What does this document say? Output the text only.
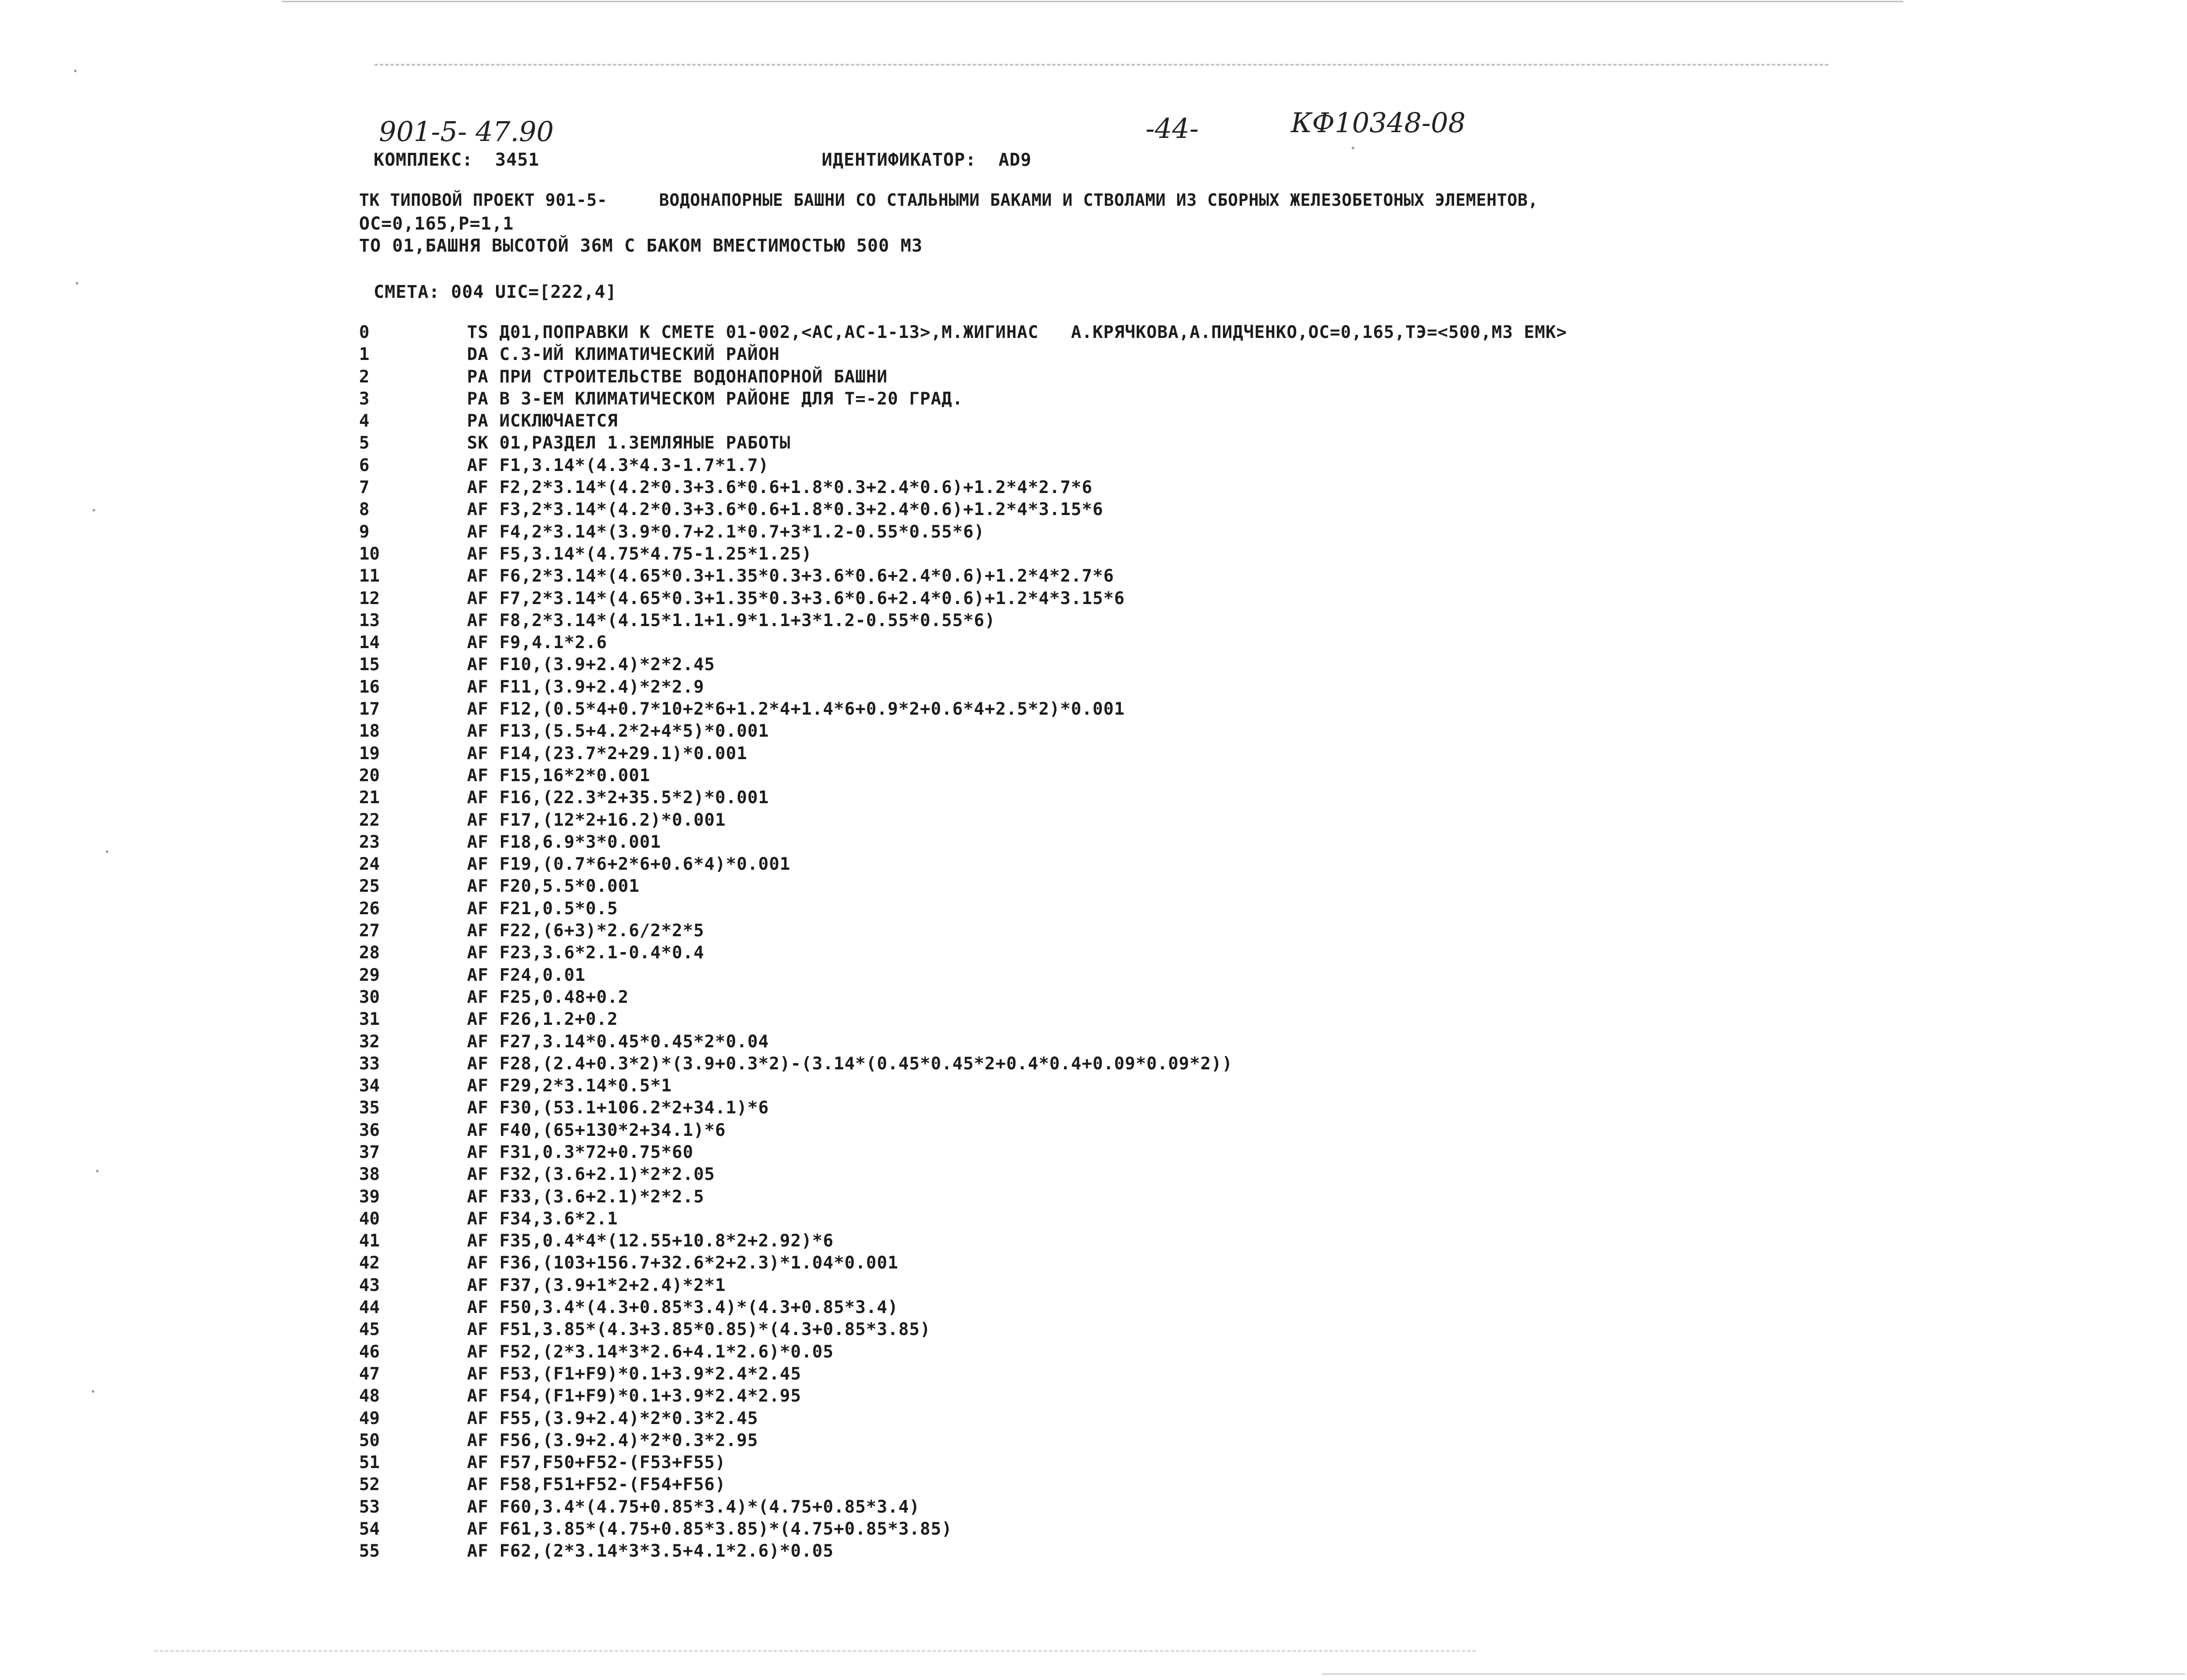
901-5- 47.90	-44-	КФ10348-08
КОМПЛЕКС:  3451	ИДЕНТИФИКАТОР:  AD9
TK ТИПОВОЙ ПРОЕКТ 901-5-     ВОДОНАПОРНЫЕ БАШНИ СО СТАЛЬНЫМИ БАКАМИ И СТВОЛАМИ ИЗ СБОРНЫХ ЖЕЛЕЗОБЕТОНЫХ ЭЛЕМЕНТОВ,
OC=0,165,P=1,1
TO 01,БАШНЯ ВЫСОТОЙ 36М С БАКОМ ВМЕСТИМОСТЬЮ 500 М3
СМЕТА: 004 UIC=[222,4]
0	TS Д01,ПОПРАВКИ К СМЕТЕ 01-002,<AC,AC-1-13>,М.ЖИГИНАС   А.КРЯЧКОВА,А.ПИДЧЕНКО,OC=0,165,ТЭ=<500,М3 ЕМК>
1	DA С.3-ИЙ КЛИМАТИЧЕСКИЙ РАЙОН
2	PA ПРИ СТРОИТЕЛЬСТВЕ ВОДОНАПОРНОЙ БАШНИ
3	PA В 3-ЕМ КЛИМАТИЧЕСКОМ РАЙОНЕ ДЛЯ Т=-20 ГРАД.
4	PA ИСКЛЮЧАЕТСЯ
5	SK 01,РАЗДЕЛ 1.ЗЕМЛЯНЫЕ РАБОТЫ
6	AF F1,3.14*(4.3*4.3-1.7*1.7)
7	AF F2,2*3.14*(4.2*0.3+3.6*0.6+1.8*0.3+2.4*0.6)+1.2*4*2.7*6
8	AF F3,2*3.14*(4.2*0.3+3.6*0.6+1.8*0.3+2.4*0.6)+1.2*4*3.15*6
9	AF F4,2*3.14*(3.9*0.7+2.1*0.7+3*1.2-0.55*0.55*6)
10	AF F5,3.14*(4.75*4.75-1.25*1.25)
11	AF F6,2*3.14*(4.65*0.3+1.35*0.3+3.6*0.6+2.4*0.6)+1.2*4*2.7*6
12	AF F7,2*3.14*(4.65*0.3+1.35*0.3+3.6*0.6+2.4*0.6)+1.2*4*3.15*6
13	AF F8,2*3.14*(4.15*1.1+1.9*1.1+3*1.2-0.55*0.55*6)
14	AF F9,4.1*2.6
15	AF F10,(3.9+2.4)*2*2.45
16	AF F11,(3.9+2.4)*2*2.9
17	AF F12,(0.5*4+0.7*10+2*6+1.2*4+1.4*6+0.9*2+0.6*4+2.5*2)*0.001
18	AF F13,(5.5+4.2*2+4*5)*0.001
19	AF F14,(23.7*2+29.1)*0.001
20	AF F15,16*2*0.001
21	AF F16,(22.3*2+35.5*2)*0.001
22	AF F17,(12*2+16.2)*0.001
23	AF F18,6.9*3*0.001
24	AF F19,(0.7*6+2*6+0.6*4)*0.001
25	AF F20,5.5*0.001
26	AF F21,0.5*0.5
27	AF F22,(6+3)*2.6/2*2*5
28	AF F23,3.6*2.1-0.4*0.4
29	AF F24,0.01
30	AF F25,0.48+0.2
31	AF F26,1.2+0.2
32	AF F27,3.14*0.45*0.45*2*0.04
33	AF F28,(2.4+0.3*2)*(3.9+0.3*2)-(3.14*(0.45*0.45*2+0.4*0.4+0.09*0.09*2))
34	AF F29,2*3.14*0.5*1
35	AF F30,(53.1+106.2*2+34.1)*6
36	AF F40,(65+130*2+34.1)*6
37	AF F31,0.3*72+0.75*60
38	AF F32,(3.6+2.1)*2*2.05
39	AF F33,(3.6+2.1)*2*2.5
40	AF F34,3.6*2.1
41	AF F35,0.4*4*(12.55+10.8*2+2.92)*6
42	AF F36,(103+156.7+32.6*2+2.3)*1.04*0.001
43	AF F37,(3.9+1*2+2.4)*2*1
44	AF F50,3.4*(4.3+0.85*3.4)*(4.3+0.85*3.4)
45	AF F51,3.85*(4.3+3.85*0.85)*(4.3+0.85*3.85)
46	AF F52,(2*3.14*3*2.6+4.1*2.6)*0.05
47	AF F53,(F1+F9)*0.1+3.9*2.4*2.45
48	AF F54,(F1+F9)*0.1+3.9*2.4*2.95
49	AF F55,(3.9+2.4)*2*0.3*2.45
50	AF F56,(3.9+2.4)*2*0.3*2.95
51	AF F57,F50+F52-(F53+F55)
52	AF F58,F51+F52-(F54+F56)
53	AF F60,3.4*(4.75+0.85*3.4)*(4.75+0.85*3.4)
54	AF F61,3.85*(4.75+0.85*3.85)*(4.75+0.85*3.85)
55	AF F62,(2*3.14*3*3.5+4.1*2.6)*0.05
